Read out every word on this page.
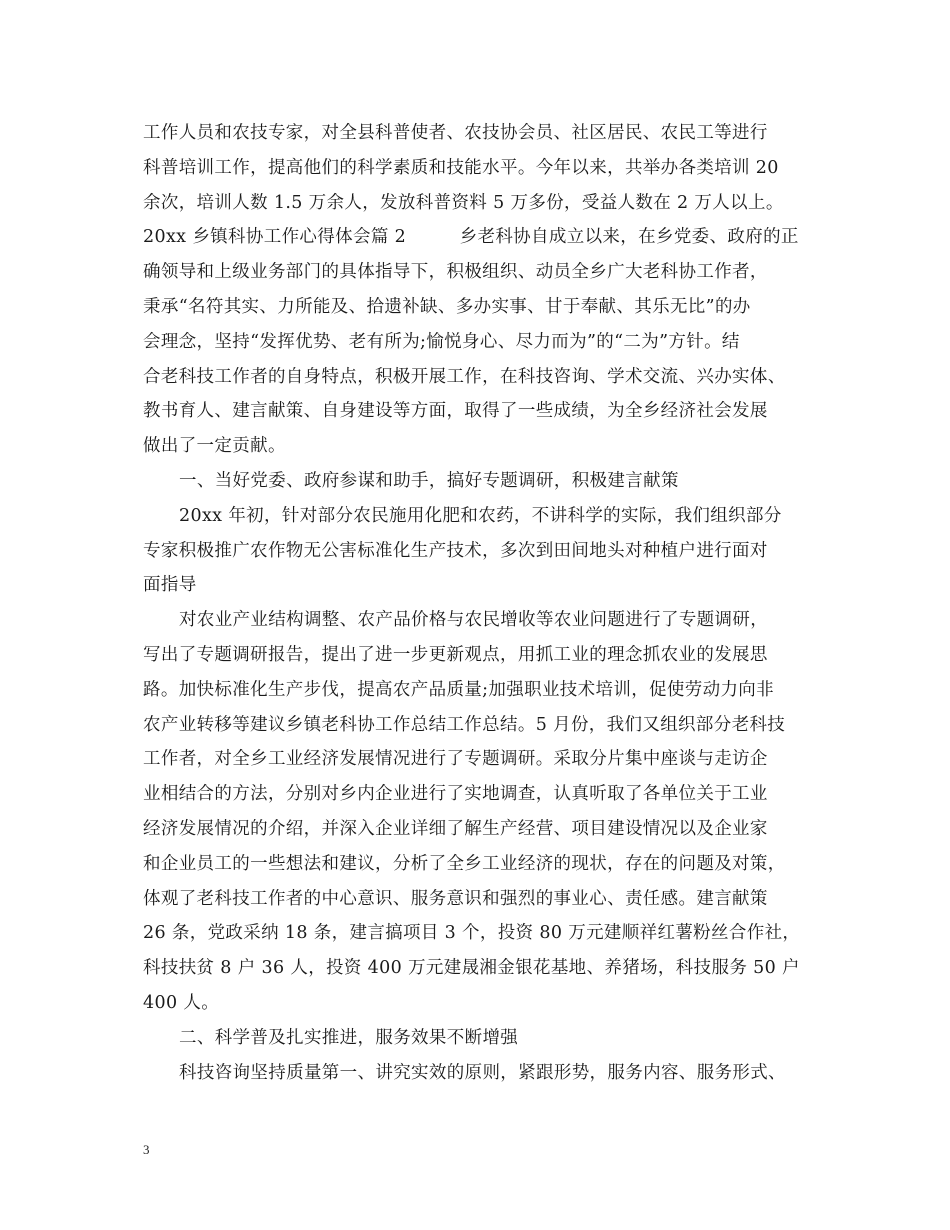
工作人员和农技专家，对全县科普使者、农技协会员、社区居民、农民工等进行
科普培训工作，提高他们的科学素质和技能水平。今年以来，共举办各类培训 20
余次，培训人数 1.5 万余人，发放科普资料 5 万多份，受益人数在 2 万人以上。
20xx 乡镇科协工作心得体会篇 2　　　乡老科协自成立以来，在乡党委、政府的正
确领导和上级业务部门的具体指导下，积极组织、动员全乡广大老科协工作者，
秉承“名符其实、力所能及、拾遗补缺、多办实事、甘于奉献、其乐无比”的办
会理念，坚持“发挥优势、老有所为;愉悦身心、尽力而为”的“二为”方针。结
合老科技工作者的自身特点，积极开展工作，在科技咨询、学术交流、兴办实体、
教书育人、建言献策、自身建设等方面，取得了一些成绩，为全乡经济社会发展
做出了一定贡献。
一、当好党委、政府参谋和助手，搞好专题调研，积极建言献策
20xx 年初，针对部分农民施用化肥和农药，不讲科学的实际，我们组织部分
专家积极推广农作物无公害标准化生产技术，多次到田间地头对种植户进行面对
面指导
对农业产业结构调整、农产品价格与农民增收等农业问题进行了专题调研，
写出了专题调研报告，提出了进一步更新观点，用抓工业的理念抓农业的发展思
路。加快标准化生产步伐，提高农产品质量;加强职业技术培训，促使劳动力向非
农产业转移等建议乡镇老科协工作总结工作总结。5 月份，我们又组织部分老科技
工作者，对全乡工业经济发展情况进行了专题调研。采取分片集中座谈与走访企
业相结合的方法，分别对乡内企业进行了实地调查，认真听取了各单位关于工业
经济发展情况的介绍，并深入企业详细了解生产经营、项目建设情况以及企业家
和企业员工的一些想法和建议，分析了全乡工业经济的现状，存在的问题及对策，
体观了老科技工作者的中心意识、服务意识和强烈的事业心、责任感。建言献策
26 条，党政采纳 18 条，建言搞项目 3 个，投资 80 万元建顺祥红薯粉丝合作社，
科技扶贫 8 户 36 人，投资 400 万元建晟湘金银花基地、养猪场，科技服务 50 户
400 人。
二、科学普及扎实推进，服务效果不断增强
科技咨询坚持质量第一、讲究实效的原则，紧跟形势，服务内容、服务形式、
3
